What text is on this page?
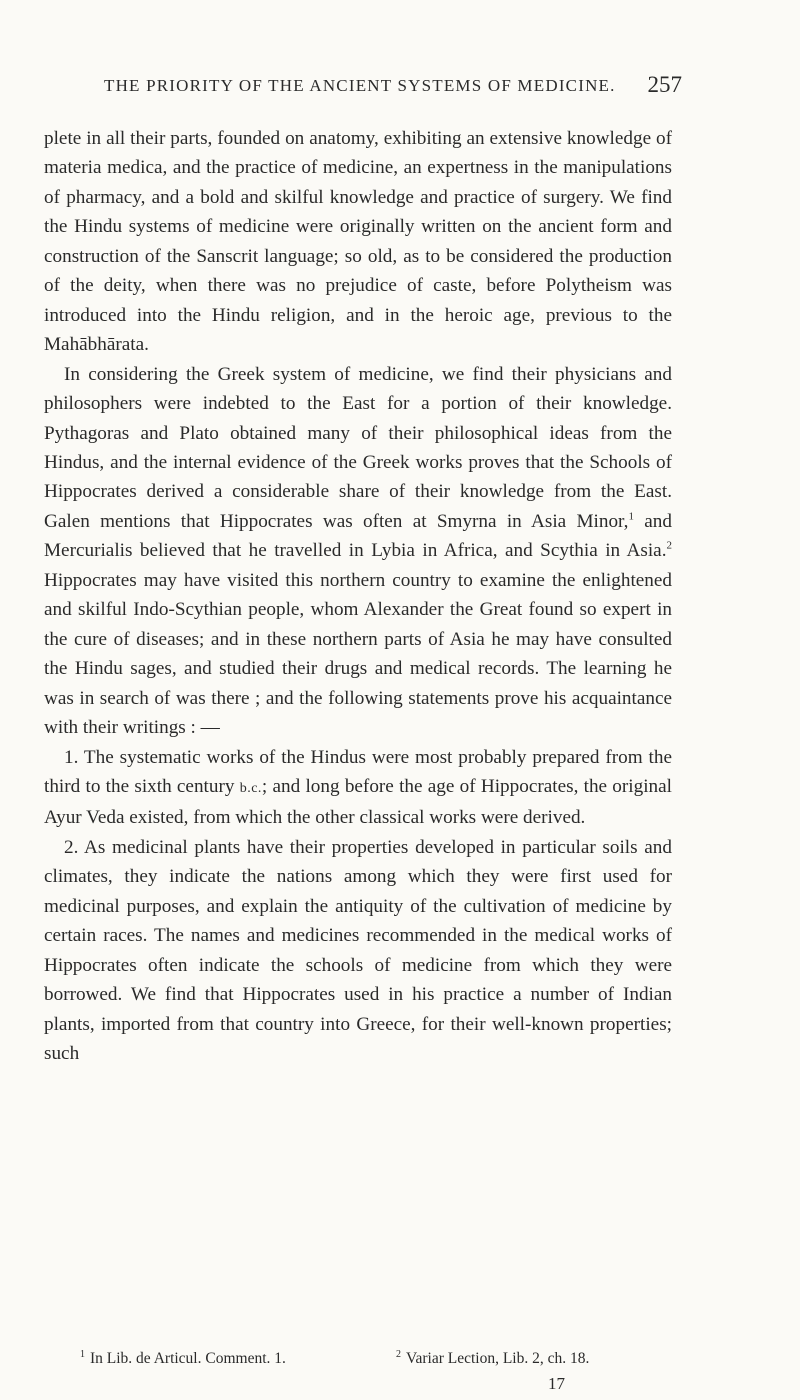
THE PRIORITY OF THE ANCIENT SYSTEMS OF MEDICINE. 257

plete in all their parts, founded on anatomy, exhibiting an extensive knowledge of materia medica, and the practice of medicine, an expertness in the manipulations of pharmacy, and a bold and skilful knowledge and practice of surgery. We find the Hindu systems of medicine were originally written on the ancient form and construction of the Sanscrit language; so old, as to be considered the production of the deity, when there was no prejudice of caste, before Polytheism was introduced into the Hindu religion, and in the heroic age, previous to the Mahābhārata.

In considering the Greek system of medicine, we find their physicians and philosophers were indebted to the East for a portion of their knowledge. Pythagoras and Plato obtained many of their philosophical ideas from the Hindus, and the internal evidence of the Greek works proves that the Schools of Hippocrates derived a considerable share of their knowledge from the East. Galen mentions that Hippocrates was often at Smyrna in Asia Minor,$^1$ and Mercurialis believed that he travelled in Lybia in Africa, and Scythia in Asia.$^2$ Hippocrates may have visited this northern country to examine the enlightened and skilful Indo-Scythian people, whom Alexander the Great found so expert in the cure of diseases; and in these northern parts of Asia he may have consulted the Hindu sages, and studied their drugs and medical records. The learning he was in search of was there ; and the following statements prove his acquaintance with their writings : —

1. The systematic works of the Hindus were most probably prepared from the third to the sixth century b.c.; and long before the age of Hippocrates, the original Ayur Veda existed, from which the other classical works were derived.

2. As medicinal plants have their properties developed in particular soils and climates, they indicate the nations among which they were first used for medicinal purposes, and explain the antiquity of the cultivation of medicine by certain races. The names and medicines recommended in the medical works of Hippocrates often indicate the schools of medicine from which they were borrowed. We find that Hippocrates used in his practice a number of Indian plants, imported from that country into Greece, for their well-known properties; such

$^1$ In Lib. de Articul. Comment. 1.	$^2$ Variar Lection, Lib. 2, ch. 18.
17
